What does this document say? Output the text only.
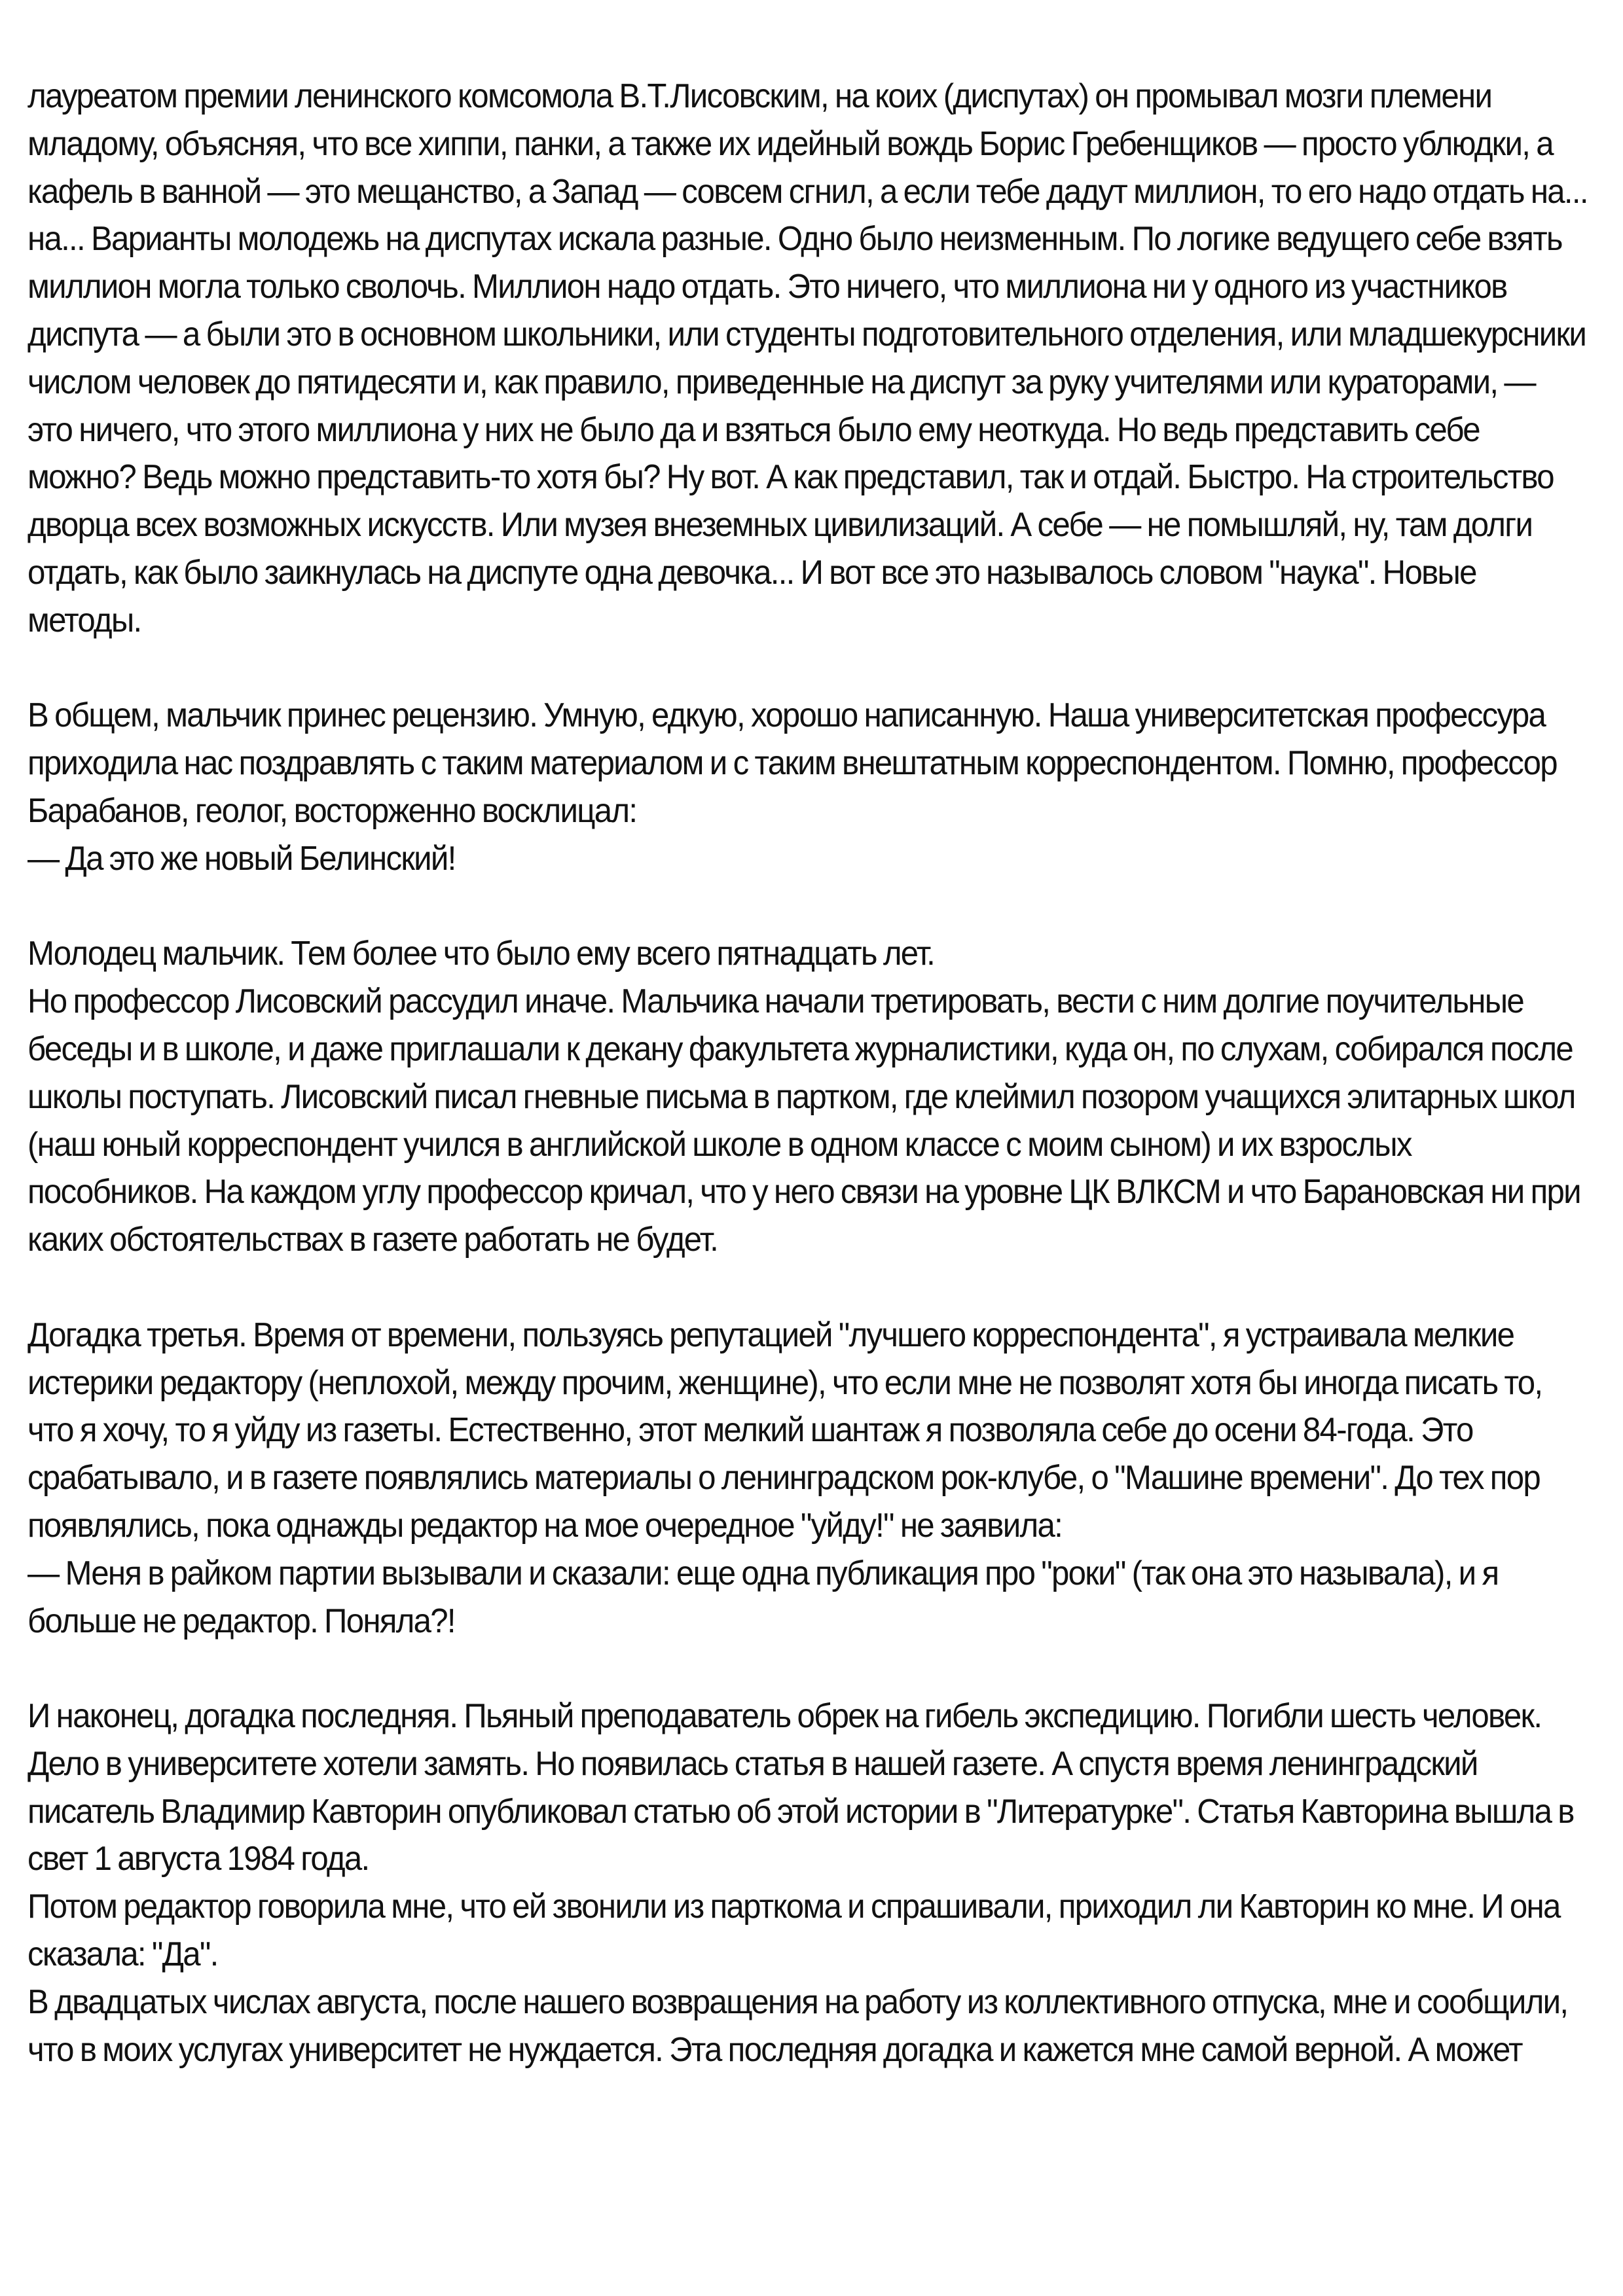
лауреатом премии ленинского комсомола В.Т.Лисовским, на коих (диспутах) он промывал мозги племени
младому, объясняя, что все хиппи, панки, а также их идейный вождь Борис Гребенщиков — просто ублюдки, а
кафель в ванной — это мещанство, а Запад — совсем сгнил, а если тебе дадут миллион, то его надо отдать на...
на... Варианты молодежь на диспутах искала разные. Одно было неизменным. По логике ведущего себе взять
миллион могла только сволочь. Миллион надо отдать. Это ничего, что миллиона ни у одного из участников
диспута — а были это в основном школьники, или студенты подготовительного отделения, или младшекурсники
числом человек до пятидесяти и, как правило, приведенные на диспут за руку учителями или кураторами, —
это ничего, что этого миллиона у них не было да и взяться было ему неоткуда. Но ведь представить себе
можно? Ведь можно представить-то хотя бы? Ну вот. А как представил, так и отдай. Быстро. На строительство
дворца всех возможных искусств. Или музея внеземных цивилизаций. А себе — не помышляй, ну, там долги
отдать, как было заикнулась на диспуте одна девочка... И вот все это называлось словом "наука". Новые
методы.
В общем, мальчик принес рецензию. Умную, едкую, хорошо написанную. Наша университетская профессура
приходила нас поздравлять с таким материалом и с таким внештатным корреспондентом. Помню, профессор
Барабанов, геолог, восторженно восклицал:
— Да это же новый Белинский!
Молодец мальчик. Тем более что было ему всего пятнадцать лет.
Но профессор Лисовский рассудил иначе. Мальчика начали третировать, вести с ним долгие поучительные
беседы и в школе, и даже приглашали к декану факультета журналистики, куда он, по слухам, собирался после
школы поступать. Лисовский писал гневные письма в партком, где клеймил позором учащихся элитарных школ
(наш юный корреспондент учился в английской школе в одном классе с моим сыном) и их взрослых
пособников. На каждом углу профессор кричал, что у него связи на уровне ЦК ВЛКСМ и что Барановская ни при
каких обстоятельствах в газете работать не будет.
Догадка третья. Время от времени, пользуясь репутацией "лучшего корреспондента", я устраивала мелкие
истерики редактору (неплохой, между прочим, женщине), что если мне не позволят хотя бы иногда писать то,
что я хочу, то я уйду из газеты. Естественно, этот мелкий шантаж я позволяла себе до осени 84-года. Это
срабатывало, и в газете появлялись материалы о ленинградском рок-клубе, о "Машине времени". До тех пор
появлялись, пока однажды редактор на мое очередное "уйду!" не заявила:
— Меня в райком партии вызывали и сказали: еще одна публикация про "роки" (так она это называла), и я
больше не редактор. Поняла?!
И наконец, догадка последняя. Пьяный преподаватель обрек на гибель экспедицию. Погибли шесть человек.
Дело в университете хотели замять. Но появилась статья в нашей газете. А спустя время ленинградский
писатель Владимир Кавторин опубликовал статью об этой истории в "Литературке". Статья Кавторина вышла в
свет 1 августа 1984 года.
Потом редактор говорила мне, что ей звонили из парткома и спрашивали, приходил ли Кавторин ко мне. И она
сказала: "Да".
В двадцатых числах августа, после нашего возвращения на работу из коллективного отпуска, мне и сообщили,
что в моих услугах университет не нуждается. Эта последняя догадка и кажется мне самой верной. А может
